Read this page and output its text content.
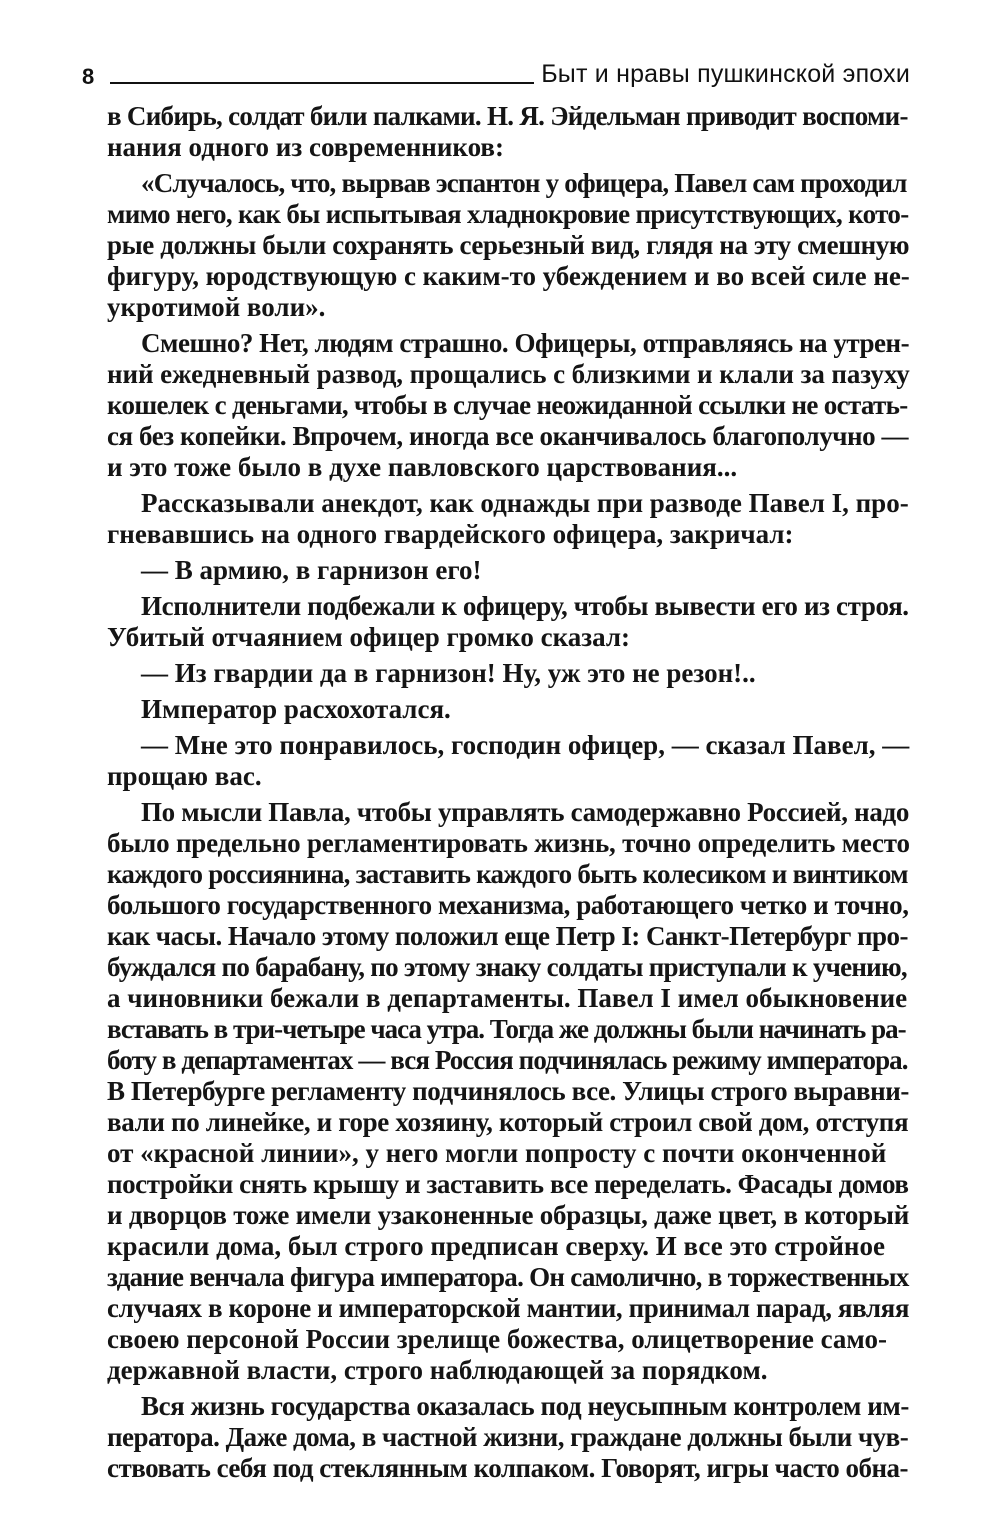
8	Быт и нравы пушкинской эпохи
в Сибирь, солдат били палками. Н. Я. Эйдельман приводит воспоми-
нания одного из современников:
«Случалось, что, вырвав эспантон у офицера, Павел сам проходил
мимо него, как бы испытывая хладнокровие присутствующих, кото-
рые должны были сохранять серьезный вид, глядя на эту смешную
фигуру, юродствующую с каким-то убеждением и во всей силе не-
укротимой воли».
Смешно? Нет, людям страшно. Офицеры, отправляясь на утрен-
ний ежедневный развод, прощались с близкими и клали за пазуху
кошелек с деньгами, чтобы в случае неожиданной ссылки не остать-
ся без копейки. Впрочем, иногда все оканчивалось благополучно —
и это тоже было в духе павловского царствования...
Рассказывали анекдот, как однажды при разводе Павел I, про-
гневавшись на одного гвардейского офицера, закричал:
— В армию, в гарнизон его!
Исполнители подбежали к офицеру, чтобы вывести его из строя.
Убитый отчаянием офицер громко сказал:
— Из гвардии да в гарнизон! Ну, уж это не резон!..
Император расхохотался.
— Мне это понравилось, господин офицер, — сказал Павел, —
прощаю вас.
По мысли Павла, чтобы управлять самодержавно Россией, надо
было предельно регламентировать жизнь, точно определить место
каждого россиянина, заставить каждого быть колесиком и винтиком
большого государственного механизма, работающего четко и точно,
как часы. Начало этому положил еще Петр I: Санкт-Петербург про-
буждался по барабану, по этому знаку солдаты приступали к учению,
а чиновники бежали в департаменты. Павел I имел обыкновение
вставать в три-четыре часа утра. Тогда же должны были начинать ра-
боту в департаментах — вся Россия подчинялась режиму императора.
В Петербурге регламенту подчинялось все. Улицы строго выравни-
вали по линейке, и горе хозяину, который строил свой дом, отступя
от «красной линии», у него могли попросту с почти оконченной
постройки снять крышу и заставить все переделать. Фасады домов
и дворцов тоже имели узаконенные образцы, даже цвет, в который
красили дома, был строго предписан сверху. И все это стройное
здание венчала фигура императора. Он самолично, в торжественных
случаях в короне и императорской мантии, принимал парад, являя
своею персоной России зрелище божества, олицетворение само-
державной власти, строго наблюдающей за порядком.
Вся жизнь государства оказалась под неусыпным контролем им-
ператора. Даже дома, в частной жизни, граждане должны были чув-
ствовать себя под стеклянным колпаком. Говорят, игры часто обна-
